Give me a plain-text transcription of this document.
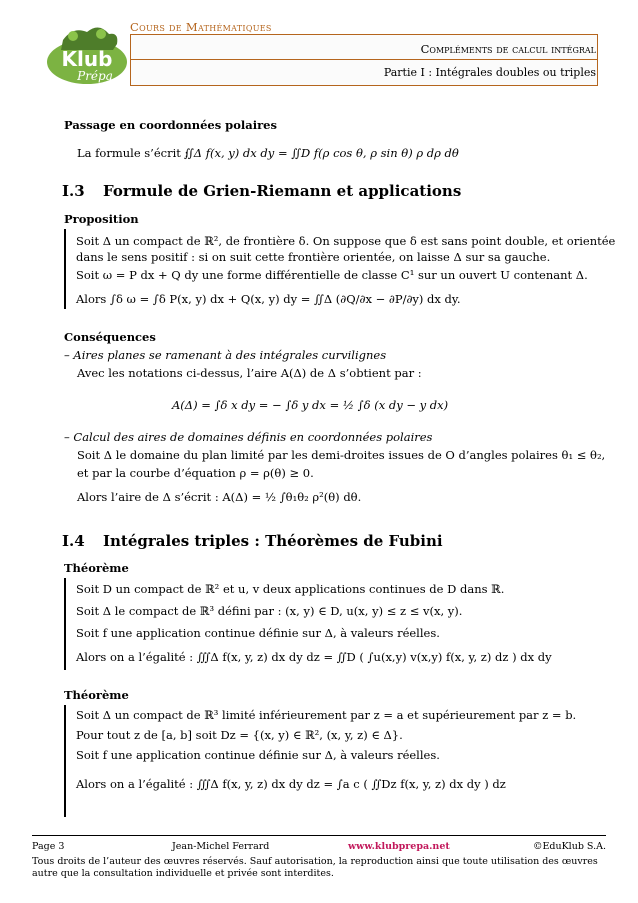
Klub
Prépa
Cours de Mathématiques
Compléments de calcul intégral
Partie I : Intégrales doubles ou triples
Passage en coordonnées polaires
La formule s’écrit :
∬Δ f(x, y) dx dy = ∬D f(ρ cos θ, ρ sin θ) ρ dρ dθ
I.3 Formule de Grien-Riemann et applications
Proposition
Soit Δ un compact de ℝ², de frontière δ. On suppose que δ est sans point double, et orientée
dans le sens positif : si on suit cette frontière orientée, on laisse Δ sur sa gauche.
Soit ω = P dx + Q dy une forme différentielle de classe C¹ sur un ouvert U contenant Δ.
Alors ∫δ ω = ∫δ P(x, y) dx + Q(x, y) dy = ∬Δ (∂Q/∂x − ∂P/∂y) dx dy.
Conséquences
– Aires planes se ramenant à des intégrales curvilignes
Avec les notations ci-dessus, l’aire A(Δ) de Δ s’obtient par :
A(Δ) = ∫δ x dy = − ∫δ y dx = ½ ∫δ (x dy − y dx)
– Calcul des aires de domaines définis en coordonnées polaires
Soit Δ le domaine du plan limité par les demi-droites issues de O d’angles polaires θ₁ ≤ θ₂,
et par la courbe d’équation ρ = ρ(θ) ≥ 0.
Alors l’aire de Δ s’écrit : A(Δ) = ½ ∫θ₁θ₂ ρ²(θ) dθ.
I.4 Intégrales triples : Théorèmes de Fubini
Théorème
Soit D un compact de ℝ² et u, v deux applications continues de D dans ℝ.
Soit Δ le compact de ℝ³ défini par : (x, y) ∈ D, u(x, y) ≤ z ≤ v(x, y).
Soit f une application continue définie sur Δ, à valeurs réelles.
Alors on a l’égalité : ∭Δ f(x, y, z) dx dy dz = ∬D ( ∫u(x,y) v(x,y) f(x, y, z) dz ) dx dy
Théorème
Soit Δ un compact de ℝ³ limité inférieurement par z = a et supérieurement par z = b.
Pour tout z de [a, b] soit Dz = {(x, y) ∈ ℝ², (x, y, z) ∈ Δ}.
Soit f une application continue définie sur Δ, à valeurs réelles.
Alors on a l’égalité : ∭Δ f(x, y, z) dx dy dz = ∫a c ( ∬Dz f(x, y, z) dx dy ) dz
Page 3	Jean-Michel Ferrard	www.klubprepa.net	©EduKlub S.A.
Tous droits de l’auteur des œuvres réservés. Sauf autorisation, la reproduction ainsi que toute utilisation des œuvres autre que la consultation individuelle et privée sont interdites.
